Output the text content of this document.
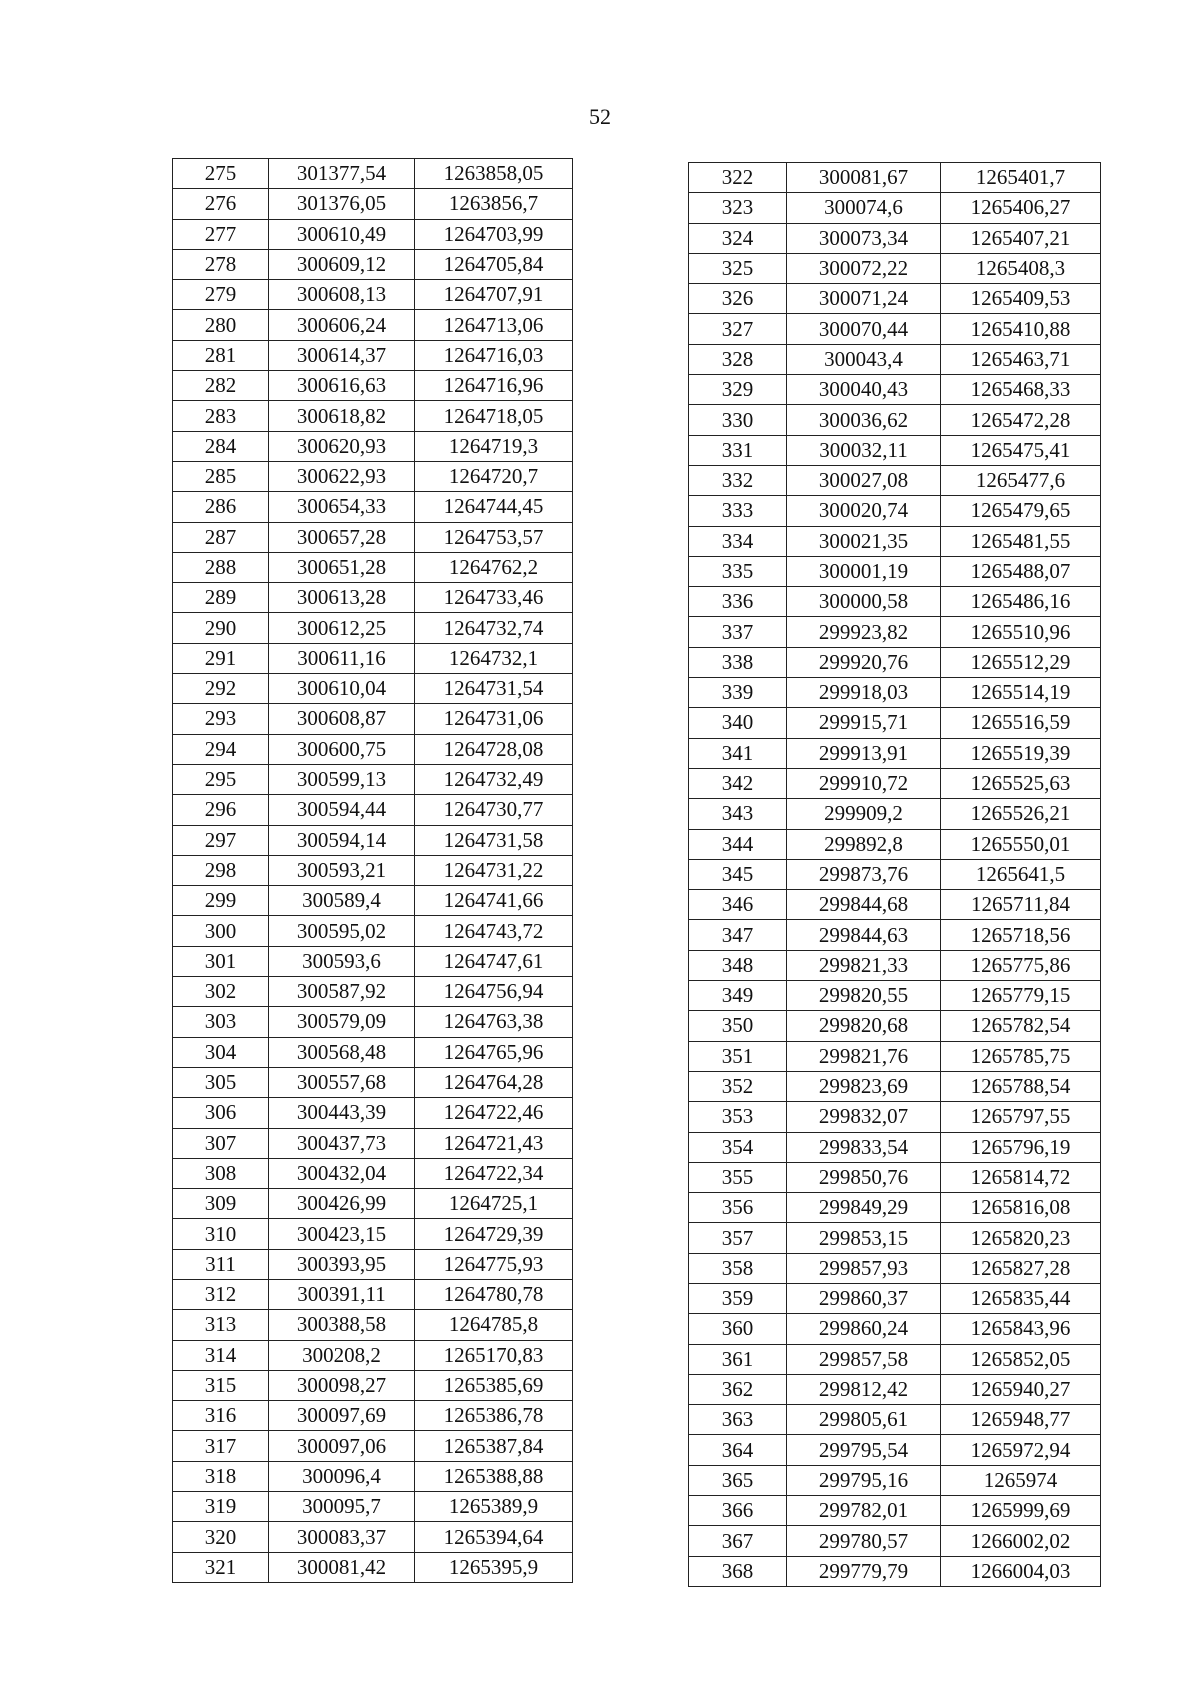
52
275	301377,54	1263858,05
276	301376,05	1263856,7
277	300610,49	1264703,99
278	300609,12	1264705,84
279	300608,13	1264707,91
280	300606,24	1264713,06
281	300614,37	1264716,03
282	300616,63	1264716,96
283	300618,82	1264718,05
284	300620,93	1264719,3
285	300622,93	1264720,7
286	300654,33	1264744,45
287	300657,28	1264753,57
288	300651,28	1264762,2
289	300613,28	1264733,46
290	300612,25	1264732,74
291	300611,16	1264732,1
292	300610,04	1264731,54
293	300608,87	1264731,06
294	300600,75	1264728,08
295	300599,13	1264732,49
296	300594,44	1264730,77
297	300594,14	1264731,58
298	300593,21	1264731,22
299	300589,4	1264741,66
300	300595,02	1264743,72
301	300593,6	1264747,61
302	300587,92	1264756,94
303	300579,09	1264763,38
304	300568,48	1264765,96
305	300557,68	1264764,28
306	300443,39	1264722,46
307	300437,73	1264721,43
308	300432,04	1264722,34
309	300426,99	1264725,1
310	300423,15	1264729,39
311	300393,95	1264775,93
312	300391,11	1264780,78
313	300388,58	1264785,8
314	300208,2	1265170,83
315	300098,27	1265385,69
316	300097,69	1265386,78
317	300097,06	1265387,84
318	300096,4	1265388,88
319	300095,7	1265389,9
320	300083,37	1265394,64
321	300081,42	1265395,9
322	300081,67	1265401,7
323	300074,6	1265406,27
324	300073,34	1265407,21
325	300072,22	1265408,3
326	300071,24	1265409,53
327	300070,44	1265410,88
328	300043,4	1265463,71
329	300040,43	1265468,33
330	300036,62	1265472,28
331	300032,11	1265475,41
332	300027,08	1265477,6
333	300020,74	1265479,65
334	300021,35	1265481,55
335	300001,19	1265488,07
336	300000,58	1265486,16
337	299923,82	1265510,96
338	299920,76	1265512,29
339	299918,03	1265514,19
340	299915,71	1265516,59
341	299913,91	1265519,39
342	299910,72	1265525,63
343	299909,2	1265526,21
344	299892,8	1265550,01
345	299873,76	1265641,5
346	299844,68	1265711,84
347	299844,63	1265718,56
348	299821,33	1265775,86
349	299820,55	1265779,15
350	299820,68	1265782,54
351	299821,76	1265785,75
352	299823,69	1265788,54
353	299832,07	1265797,55
354	299833,54	1265796,19
355	299850,76	1265814,72
356	299849,29	1265816,08
357	299853,15	1265820,23
358	299857,93	1265827,28
359	299860,37	1265835,44
360	299860,24	1265843,96
361	299857,58	1265852,05
362	299812,42	1265940,27
363	299805,61	1265948,77
364	299795,54	1265972,94
365	299795,16	1265974
366	299782,01	1265999,69
367	299780,57	1266002,02
368	299779,79	1266004,03
